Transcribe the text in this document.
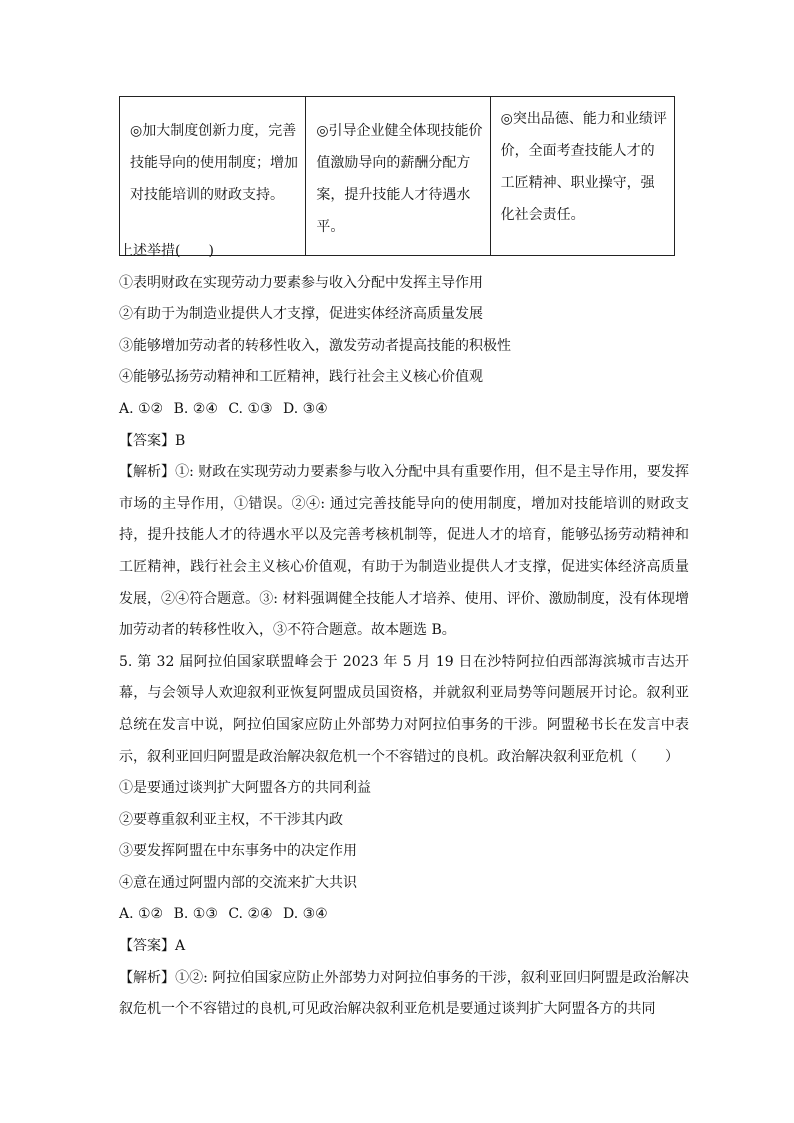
◎加大制度创新力度，完善技能导向的使用制度；增加对技能培训的财政支持。	◎引导企业健全体现技能价值激励导向的薪酬分配方案，提升技能人才待遇水平。	◎突出品德、能力和业绩评价，全面考查技能人才的工匠精神、职业操守，强化社会责任。
上述举措(　　)
①表明财政在实现劳动力要素参与收入分配中发挥主导作用
②有助于为制造业提供人才支撑，促进实体经济高质量发展
③能够增加劳动者的转移性收入，激发劳动者提高技能的积极性
④能够弘扬劳动精神和工匠精神，践行社会主义核心价值观
A. ①② B. ②④ C. ①③ D. ③④
【答案】B
【解析】①: 财政在实现劳动力要素参与收入分配中具有重要作用，但不是主导作用，要发挥市场的主导作用，①错误。②④: 通过完善技能导向的使用制度，增加对技能培训的财政支持，提升技能人才的待遇水平以及完善考核机制等，促进人才的培育，能够弘扬劳动精神和工匠精神，践行社会主义核心价值观，有助于为制造业提供人才支撑，促进实体经济高质量发展，②④符合题意。③: 材料强调健全技能人才培养、使用、评价、激励制度，没有体现增加劳动者的转移性收入，③不符合题意。故本题选 B。
5. 第 32 届阿拉伯国家联盟峰会于 2023 年 5 月 19 日在沙特阿拉伯西部海滨城市吉达开幕，与会领导人欢迎叙利亚恢复阿盟成员国资格，并就叙利亚局势等问题展开讨论。叙利亚总统在发言中说，阿拉伯国家应防止外部势力对阿拉伯事务的干涉。阿盟秘书长在发言中表示，叙利亚回归阿盟是政治解决叙危机一个不容错过的良机。政治解决叙利亚危机（　　）
①是要通过谈判扩大阿盟各方的共同利益
②要尊重叙利亚主权，不干涉其内政
③要发挥阿盟在中东事务中的决定作用
④意在通过阿盟内部的交流来扩大共识
A. ①② B. ①③ C. ②④ D. ③④
【答案】A
【解析】①②: 阿拉伯国家应防止外部势力对阿拉伯事务的干涉，叙利亚回归阿盟是政治解决叙危机一个不容错过的良机,可见政治解决叙利亚危机是要通过谈判扩大阿盟各方的共同
